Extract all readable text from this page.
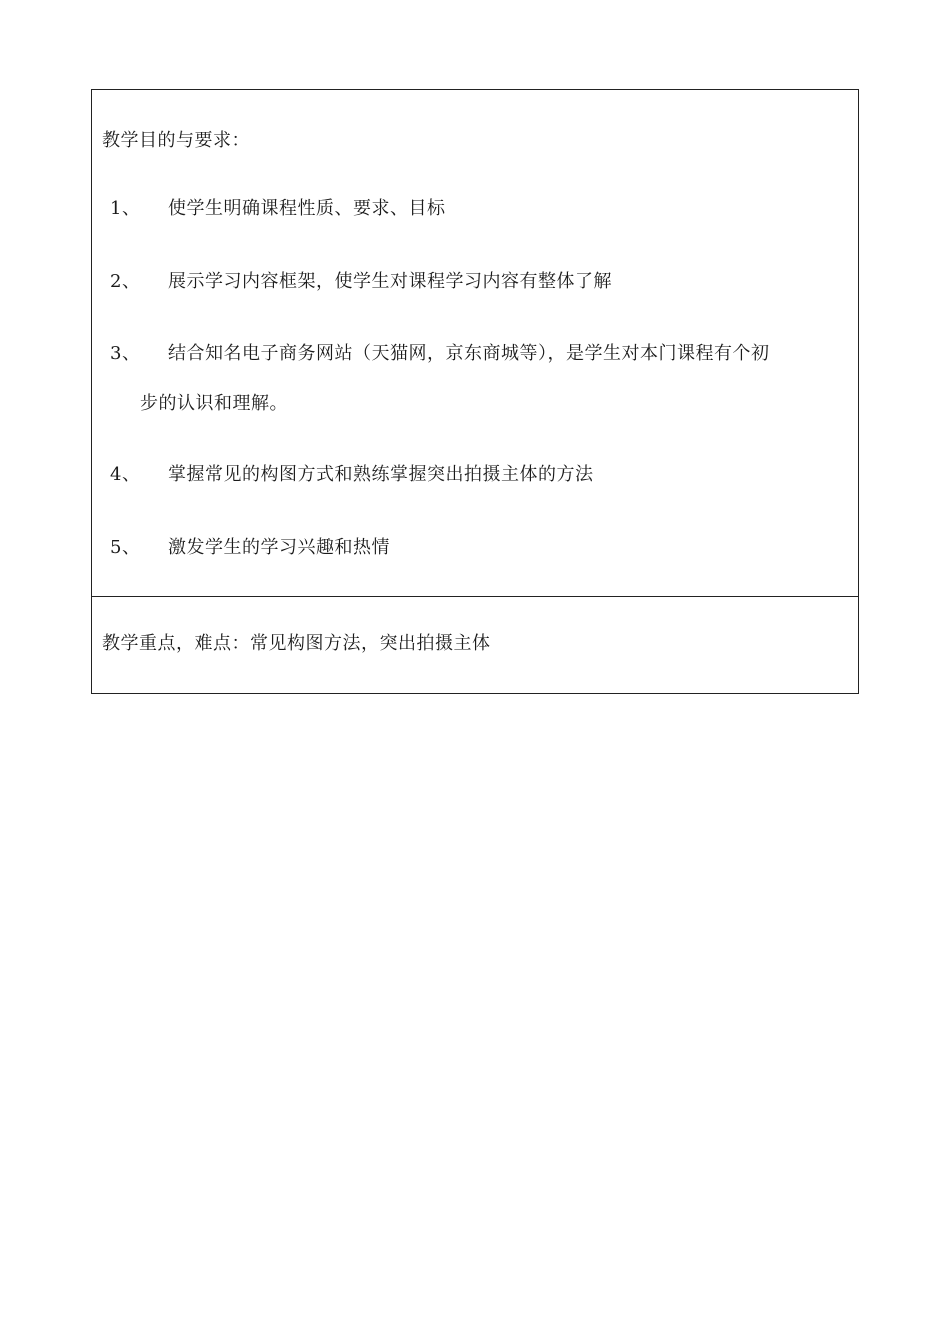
教学目的与要求：
1、 使学生明确课程性质、要求、目标
2、 展示学习内容框架，使学生对课程学习内容有整体了解
3、 结合知名电子商务网站（天猫网，京东商城等），是学生对本门课程有个初
步的认识和理解。
4、 掌握常见的构图方式和熟练掌握突出拍摄主体的方法
5、 激发学生的学习兴趣和热情
教学重点，难点：常见构图方法，突出拍摄主体
